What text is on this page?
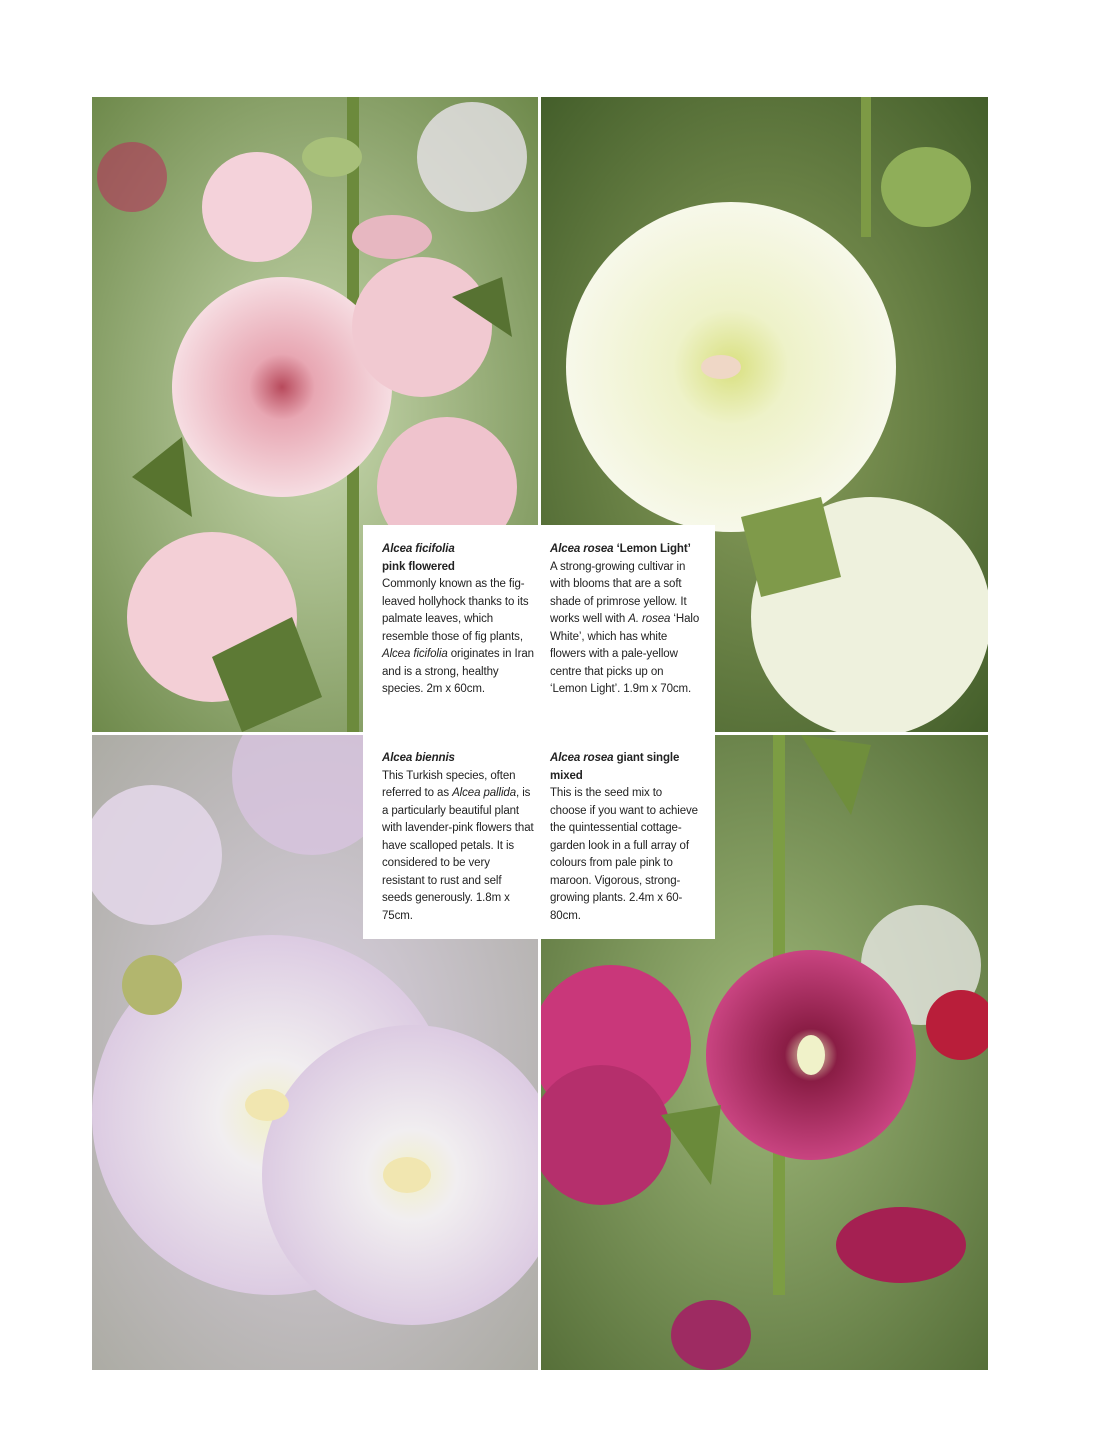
Alcea ficifolia
pink flowered

Commonly known as the fig-leaved hollyhock thanks to its palmate leaves, which resemble those of fig plants, Alcea ficifolia originates in Iran and is a strong, healthy species. 2m x 60cm.

Alcea rosea ‘Lemon Light’

A strong-growing cultivar in with blooms that are a soft shade of primrose yellow. It works well with A. rosea ‘Halo White’, which has white flowers with a pale-yellow centre that picks up on ‘Lemon Light’. 1.9m x 70cm.

Alcea biennis

This Turkish species, often referred to as Alcea pallida, is a particularly beautiful plant with lavender-pink flowers that have scalloped petals. It is considered to be very resistant to rust and self seeds generously. 1.8m x 75cm.

Alcea rosea giant single mixed

This is the seed mix to choose if you want to achieve the quintessential cottage-garden look in a full array of colours from pale pink to maroon. Vigorous, strong-growing plants. 2.4m x 60-80cm.
